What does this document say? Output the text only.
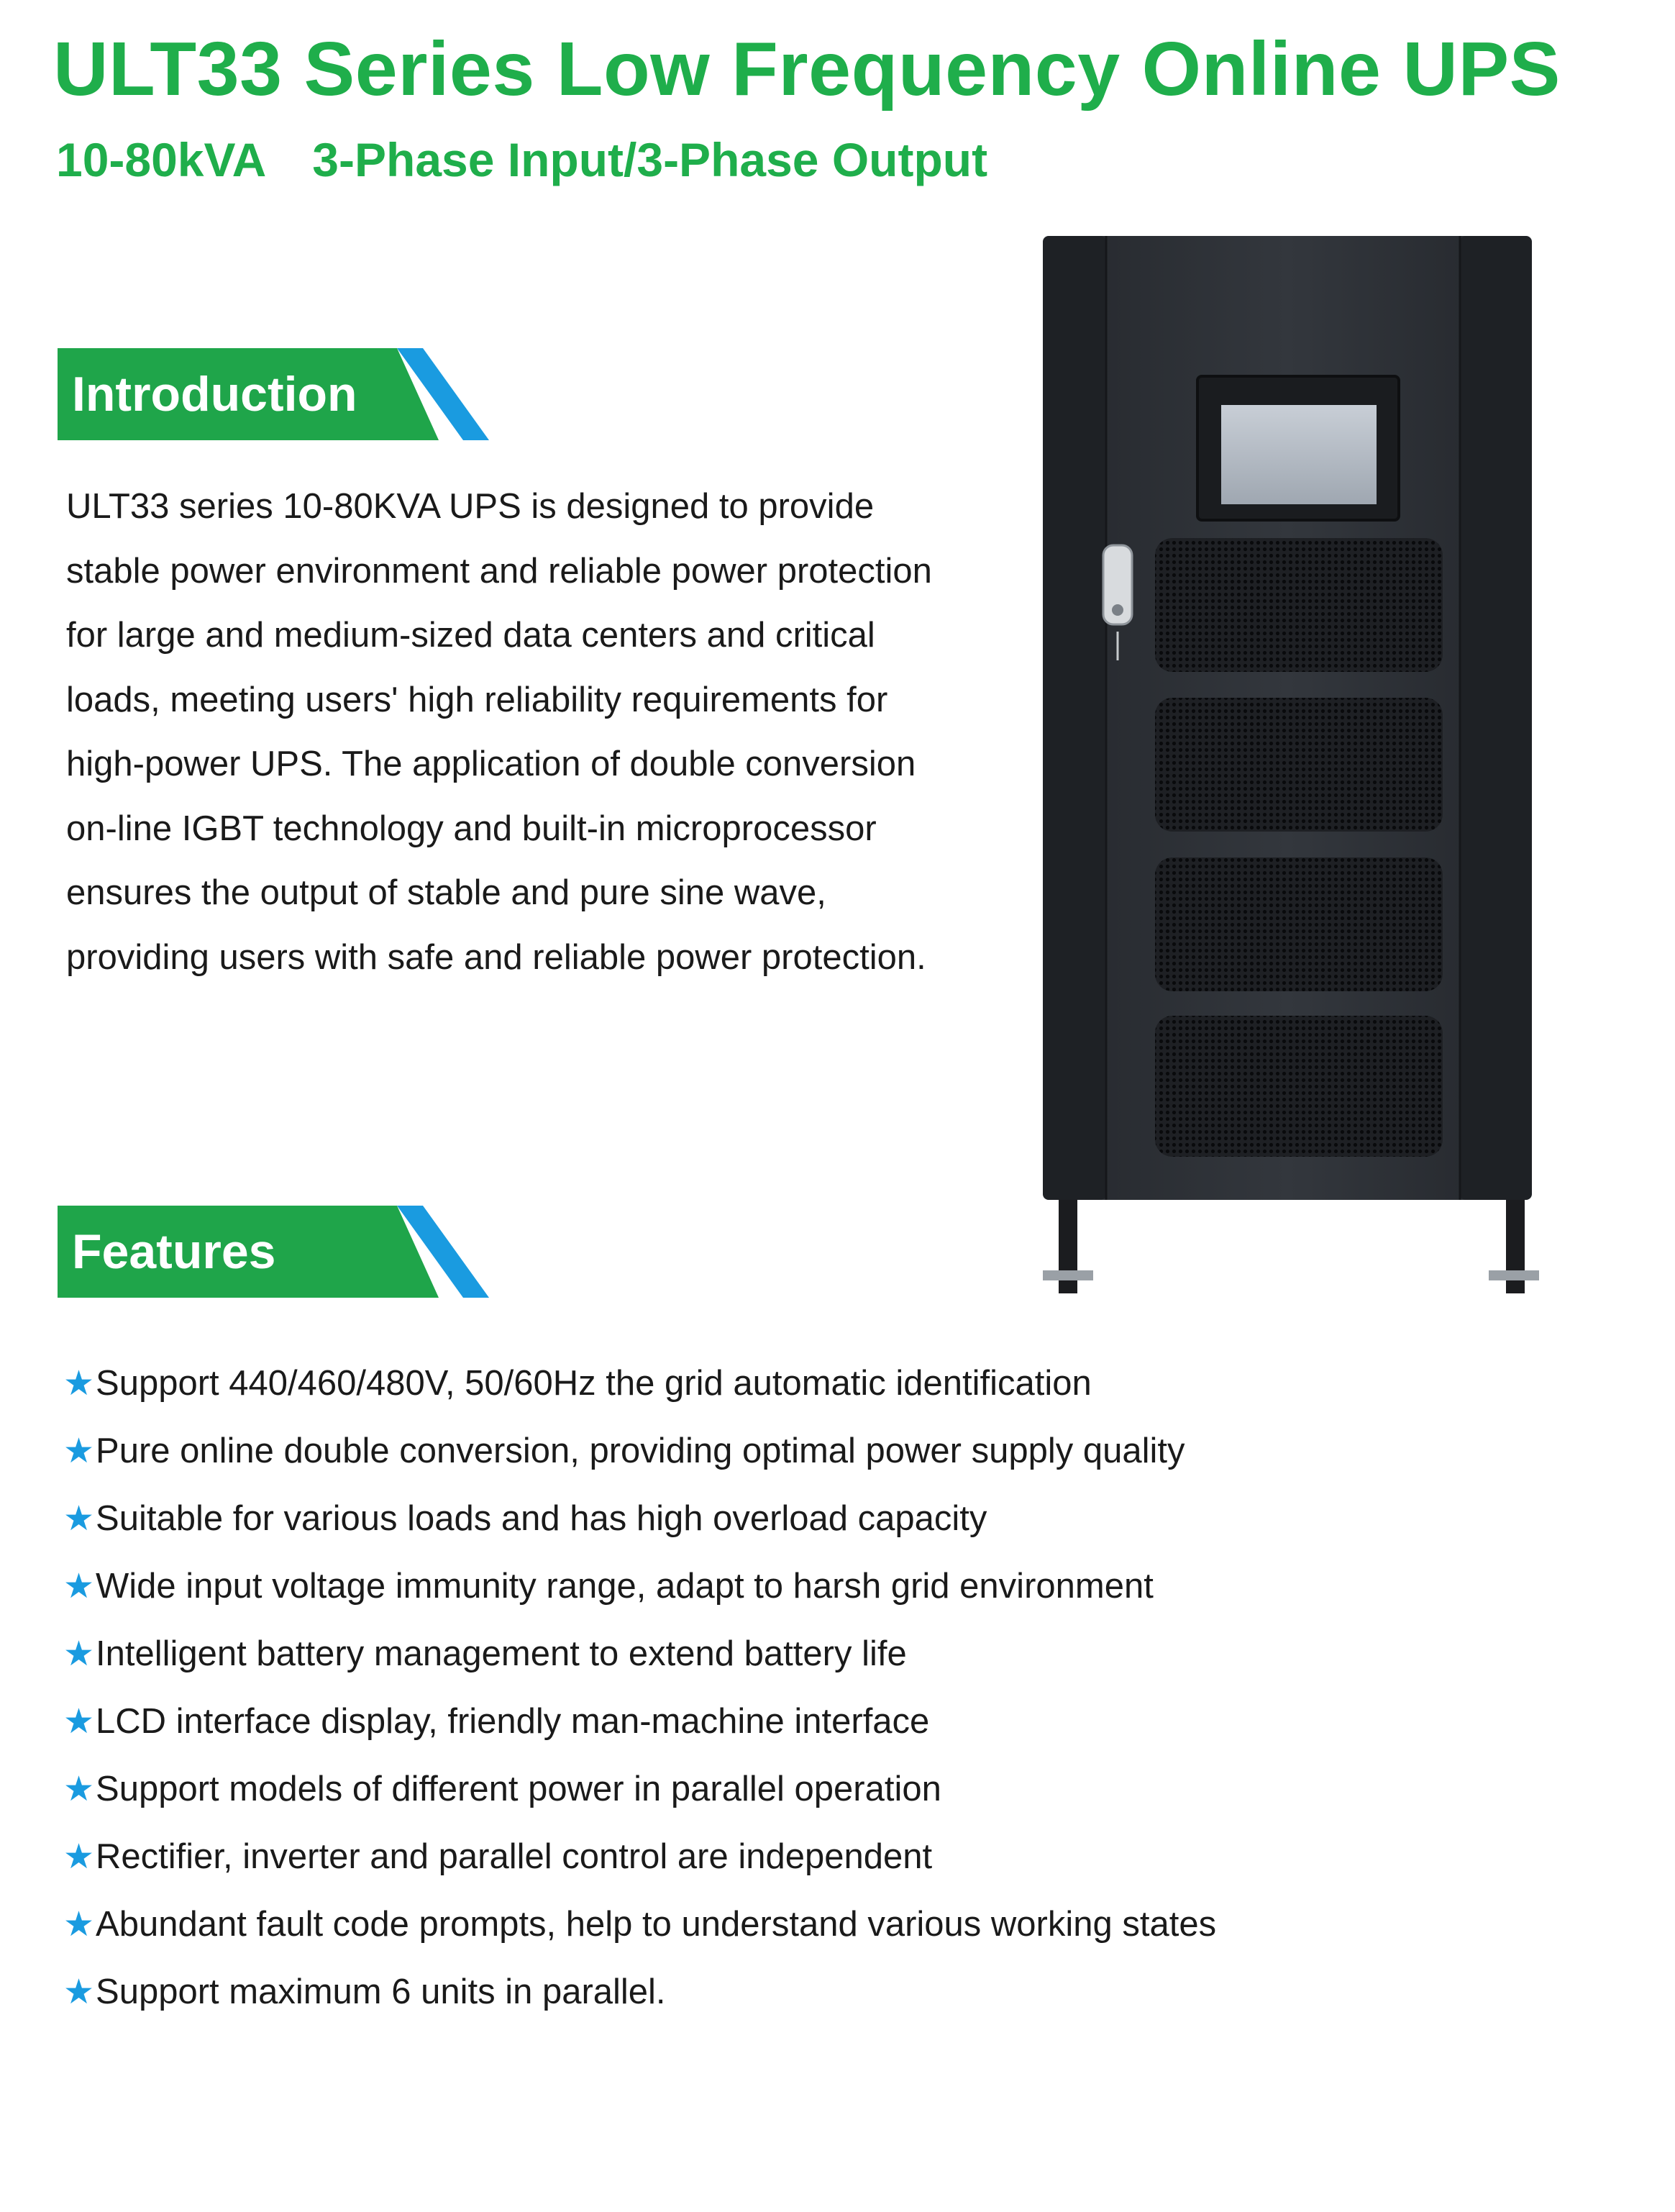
ULT33 Series Low Frequency Online UPS
10-80kVA 3-Phase Input/3-Phase Output
Introduction

ULT33 series 10-80KVA UPS is designed to provide stable power environment and reliable power protection for large and medium-sized data centers and critical loads, meeting users' high reliability requirements for high-power UPS. The application of double conversion on-line IGBT technology and built-in microprocessor ensures the output of stable and pure sine wave, providing users with safe and reliable power protection.

Features
★Support 440/460/480V, 50/60Hz the grid automatic identification
★Pure online double conversion, providing optimal power supply quality
★Suitable for various loads and has high overload capacity
★Wide input voltage immunity range, adapt to harsh grid environment
★Intelligent battery management to extend battery life
★LCD interface display, friendly man-machine interface
★Support models of different power in parallel operation
★Rectifier, inverter and parallel control are independent
★Abundant fault code prompts, help to understand various working states
★Support maximum 6 units in parallel.
